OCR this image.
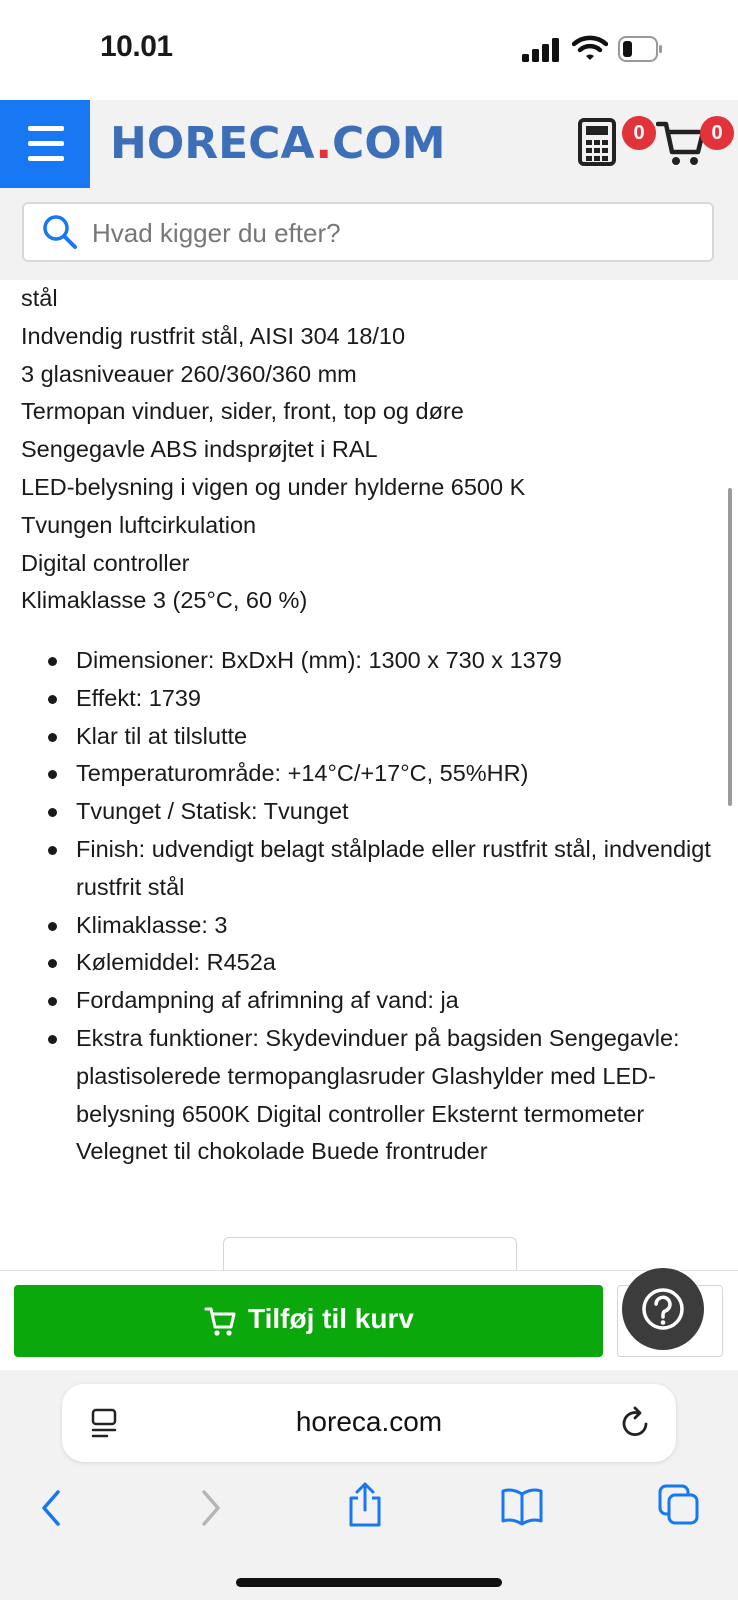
10.01
HORECA.COM	0	0
Hvad kigger du efter?
stål
Indvendig rustfrit stål, AISI 304 18/10
3 glasniveauer 260/360/360 mm
Termopan vinduer, sider, front, top og døre
Sengegavle ABS indsprøjtet i RAL
LED-belysning i vigen og under hylderne 6500 K
Tvungen luftcirkulation
Digital controller
Klimaklasse 3 (25°C, 60 %)
Dimensioner: BxDxH (mm): 1300 x 730 x 1379
Effekt: 1739
Klar til at tilslutte
Temperaturområde: +14°C/+17°C, 55%HR)
Tvunget / Statisk: Tvunget
Finish: udvendigt belagt stålplade eller rustfrit stål, indvendigt rustfrit stål
Klimaklasse: 3
Kølemiddel: R452a
Fordampning af afrimning af vand: ja
Ekstra funktioner: Skydevinduer på bagsiden Sengegavle: plastisolerede termopanglasruder Glashylder med LED-belysning 6500K Digital controller Eksternt termometer Velegnet til chokolade Buede frontruder
Tilføj til kurv
horeca.com
